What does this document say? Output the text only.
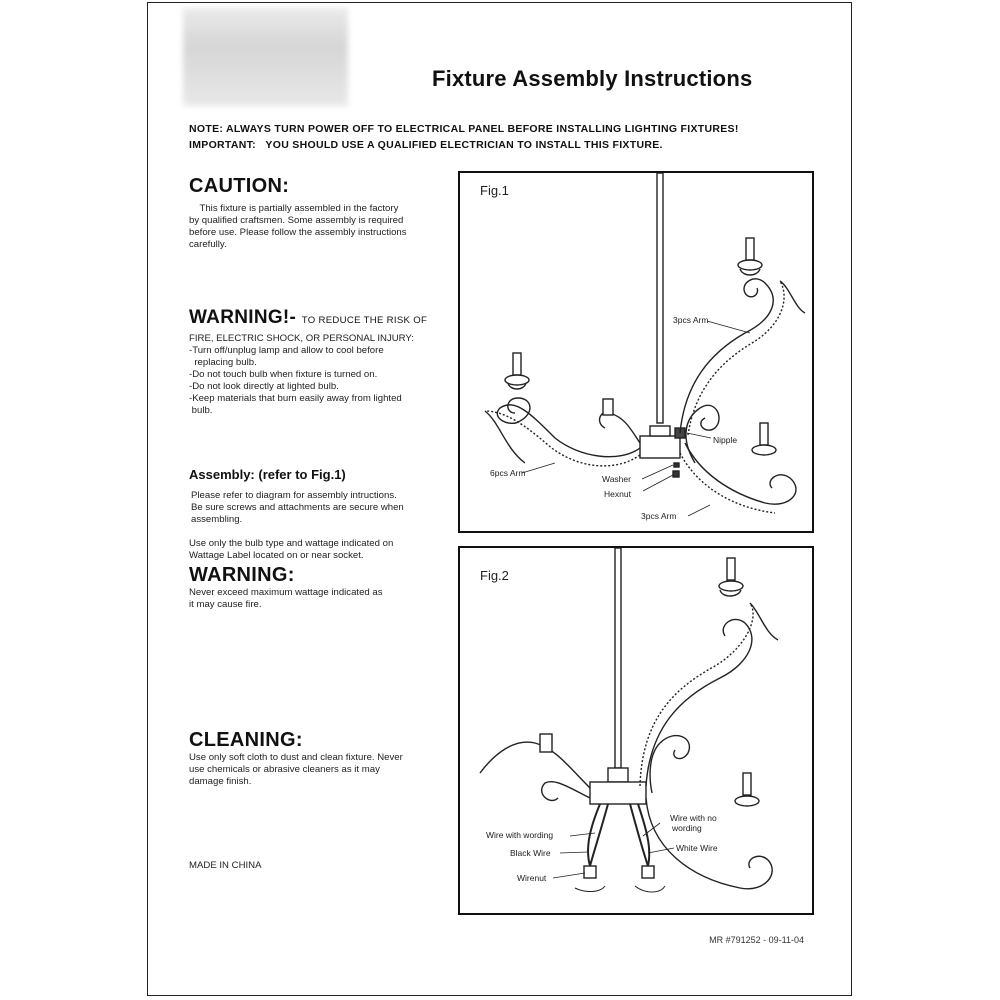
Fixture Assembly Instructions
NOTE: ALWAYS TURN POWER OFF TO ELECTRICAL PANEL BEFORE INSTALLING LIGHTING FIXTURES!
IMPORTANT:   YOU SHOULD USE A QUALIFIED ELECTRICIAN TO INSTALL THIS FIXTURE.
CAUTION:
This fixture is partially assembled in the factory
by qualified craftsmen. Some assembly is required
before use. Please follow the assembly instructions
carefully.
WARNING!- TO REDUCE THE RISK OF
FIRE, ELECTRIC SHOCK, OR PERSONAL INJURY:
-Turn off/unplug lamp and allow to cool before
replacing bulb.
-Do not touch bulb when fixture is turned on.
-Do not look directly at lighted bulb.
-Keep materials that burn easily away from lighted
bulb.
Assembly: (refer to Fig.1)
Please refer to diagram for assembly intructions.
Be sure screws and attachments are secure when
assembling.
Use only the bulb type and wattage indicated on
Wattage Label located on or near socket.
WARNING:
Never exceed maximum wattage indicated as
it may cause fire.
CLEANING:
Use only soft cloth to dust and clean fixture. Never
use chemicals or abrasive cleaners as it may
damage finish.
MADE IN CHINA
Fig.1
3pcs Arm
Nipple
6pcs Arm
Washer
Hexnut
3pcs Arm
Fig.2
Wire with no
wording
Wire with wording
White Wire
Black Wire
Wirenut
MR #791252 - 09-11-04
